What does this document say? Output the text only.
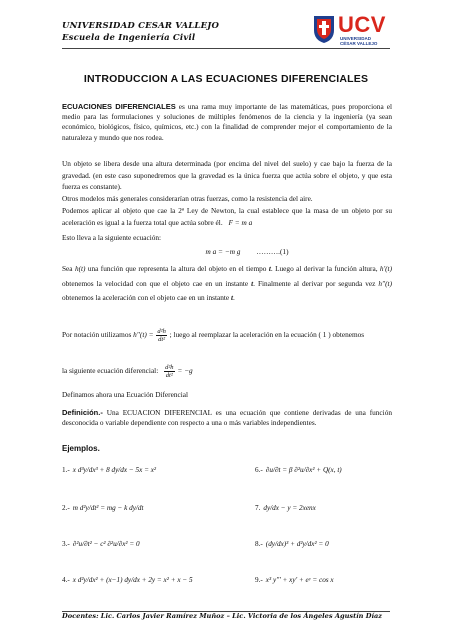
UNIVERSIDAD CESAR VALLEJO
Escuela de Ingeniería Civil
UCV
UNIVERSIDAD
CÉSAR VALLEJO
INTRODUCCION A LAS ECUACIONES DIFERENCIALES
ECUACIONES DIFERENCIALES es una rama muy importante de las matemáticas, pues proporciona el medio para las formulaciones y soluciones de múltiples fenómenos de la ciencia y la ingeniería (ya sean económico, biológicos, físico, químicos, etc.) con la finalidad de comprender mejor el comportamiento de la naturaleza y mundo que nos rodea.
Un objeto se libera desde una altura determinada (por encima del nivel del suelo) y cae bajo la fuerza de la gravedad. (en este caso suponedremos que la gravedad es la única fuerza que actúa sobre el objeto, y que esta fuerza es constante).
Otros modelos más generales considerarían otras fuerzas, como la resistencia del aire.
Podemos aplicar al objeto que cae la 2ª Ley de Newton, la cual establece que la masa de un objeto por su aceleración es igual a la fuerza total que actúa sobre él. F = m a
Esto lleva a la siguiente ecuación:
m a = −m g ……….(1)
Sea h(t) una función que representa la altura del objeto en el tiempo t. Luego al derivar la función altura, h'(t) obtenemos la velocidad con que el objeto cae en un instante t. Finalmente al derivar por segunda vez h''(t) obtenemos la aceleración con el objeto cae en un instante t.
Por notación utilizamos $h''(t) = \frac{\text{d²h}}{\text{dt²}}$ ; luego al reemplazar la aceleración en la ecuación ( 1 ) obtenemos
la siguiente ecuación diferencial: $\frac{\text{d²h}}{\text{dt²}} = -g$
Definamos ahora una Ecuación Diferencial
Definición.- Una ECUACION DIFERENCIAL es una ecuación que contiene derivadas de una función desconocida o variable dependiente con respecto a una o más variables independientes.
Ejemplos.
1.- x d³y/dx³ + 8 dy/dx − 5x = x²	6.- ∂u/∂t = β ∂²u/∂x² + Q(x, t)
2.- m d²y/dt² = mg − k dy/dt	7. dy/dx − y = 2xenx
3.- ∂²u/∂t² − c² ∂²u/∂x² = 0	8.- (dy/dx)³ + d²y/dx² = 0
4.- x d²y/dx² + (x−1) dy/dx + 2y = x² + x − 5	9.- x³ y''' + xy' + eʸ = cos x
Docentes: Lic. Carlos Javier Ramírez Muñoz – Lic. Victoria de los Ángeles Agustín Díaz
